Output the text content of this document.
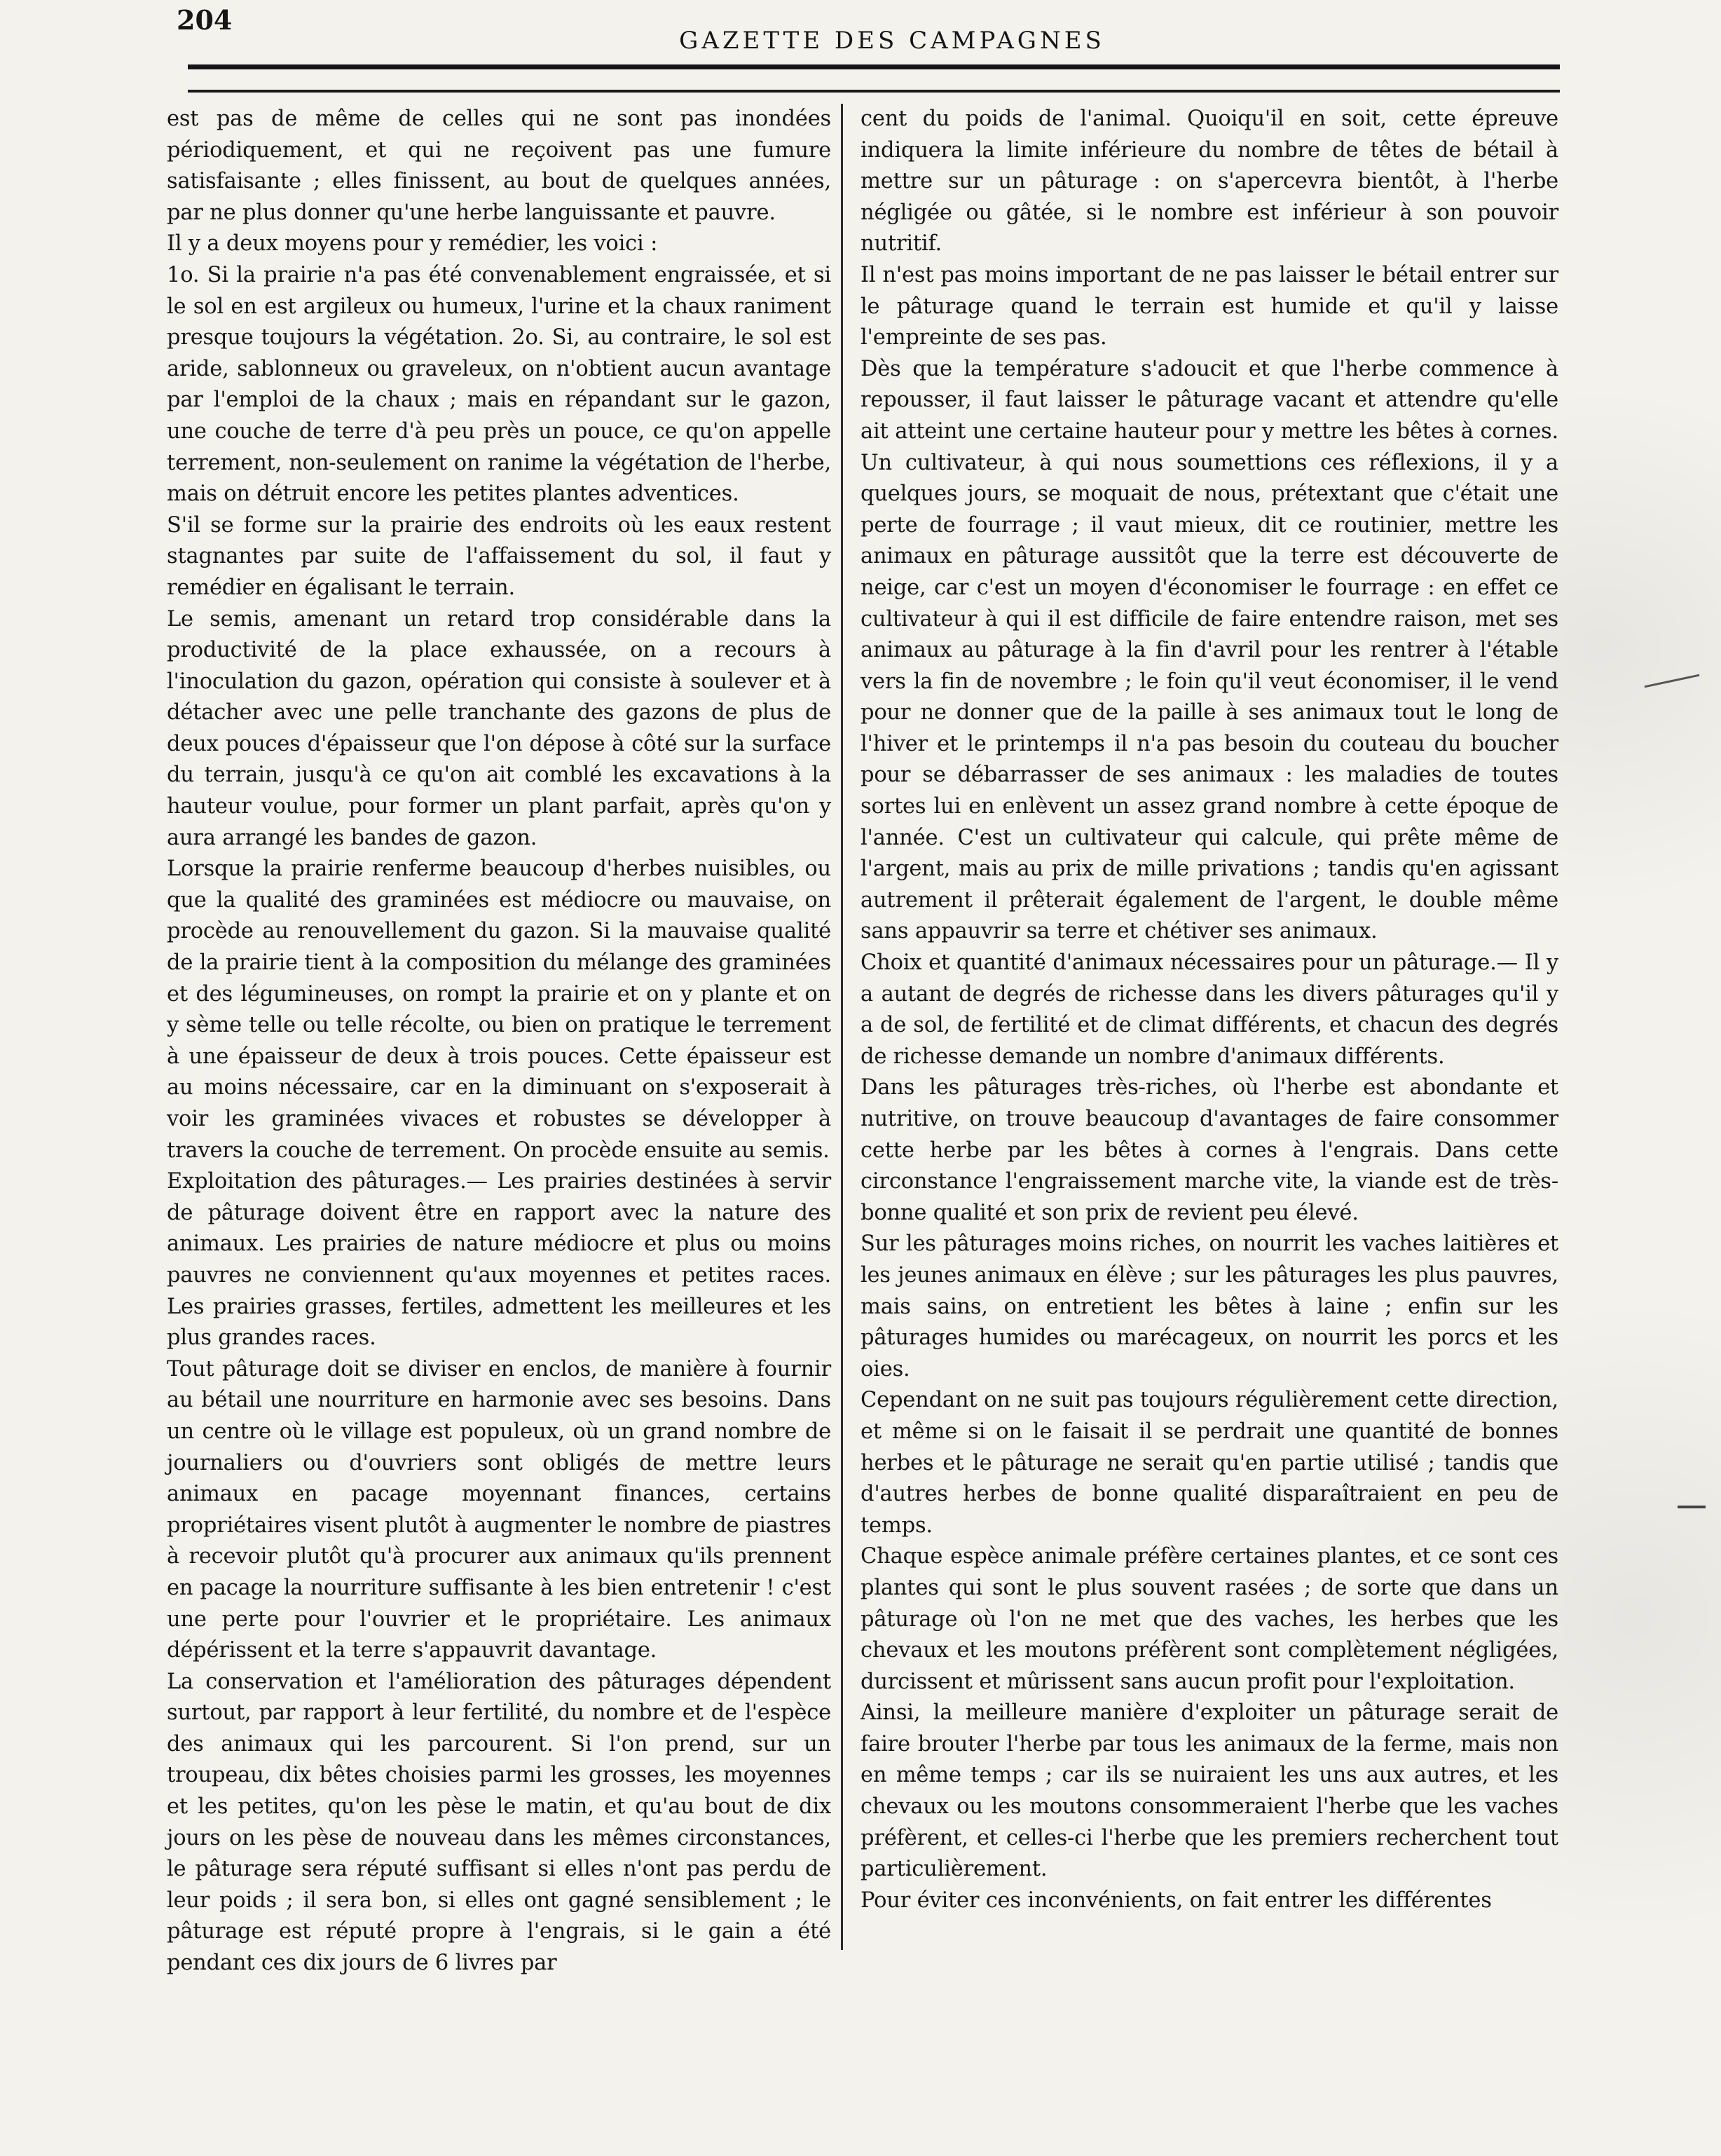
204
GAZETTE DES CAMPAGNES

est pas de même de celles qui ne sont pas inondées périodiquement, et qui ne reçoivent pas une fumure satisfaisante ; elles finissent, au bout de quelques années, par ne plus donner qu'une herbe languissante et pauvre.

Il y a deux moyens pour y remédier, les voici :

1o. Si la prairie n'a pas été convenablement engraissée, et si le sol en est argileux ou humeux, l'urine et la chaux raniment presque toujours la végétation. 2o. Si, au contraire, le sol est aride, sablonneux ou graveleux, on n'obtient aucun avantage par l'emploi de la chaux ; mais en répandant sur le gazon, une couche de terre d'à peu près un pouce, ce qu'on appelle terrement, non-seulement on ranime la végétation de l'herbe, mais on détruit encore les petites plantes adventices.

S'il se forme sur la prairie des endroits où les eaux restent stagnantes par suite de l'affaissement du sol, il faut y remédier en égalisant le terrain.

Le semis, amenant un retard trop considérable dans la productivité de la place exhaussée, on a recours à l'inoculation du gazon, opération qui consiste à soulever et à détacher avec une pelle tranchante des gazons de plus de deux pouces d'épaisseur que l'on dépose à côté sur la surface du terrain, jusqu'à ce qu'on ait comblé les excavations à la hauteur voulue, pour former un plant parfait, après qu'on y aura arrangé les bandes de gazon.

Lorsque la prairie renferme beaucoup d'herbes nuisibles, ou que la qualité des graminées est médiocre ou mauvaise, on procède au renouvellement du gazon. Si la mauvaise qualité de la prairie tient à la composition du mélange des graminées et des légumineuses, on rompt la prairie et on y plante et on y sème telle ou telle récolte, ou bien on pratique le terrement à une épaisseur de deux à trois pouces. Cette épaisseur est au moins nécessaire, car en la diminuant on s'exposerait à voir les graminées vivaces et robustes se développer à travers la couche de terrement. On procède ensuite au semis.

Exploitation des pâturages.— Les prairies destinées à servir de pâturage doivent être en rapport avec la nature des animaux. Les prairies de nature médiocre et plus ou moins pauvres ne conviennent qu'aux moyennes et petites races. Les prairies grasses, fertiles, admettent les meilleures et les plus grandes races.

Tout pâturage doit se diviser en enclos, de manière à fournir au bétail une nourriture en harmonie avec ses besoins. Dans un centre où le village est populeux, où un grand nombre de journaliers ou d'ouvriers sont obligés de mettre leurs animaux en pacage moyennant finances, certains propriétaires visent plutôt à augmenter le nombre de piastres à recevoir plutôt qu'à procurer aux animaux qu'ils prennent en pacage la nourriture suffisante à les bien entretenir ! c'est une perte pour l'ouvrier et le propriétaire. Les animaux dépérissent et la terre s'appauvrit davantage.

La conservation et l'amélioration des pâturages dépendent surtout, par rapport à leur fertilité, du nombre et de l'espèce des animaux qui les parcourent. Si l'on prend, sur un troupeau, dix bêtes choisies parmi les grosses, les moyennes et les petites, qu'on les pèse le matin, et qu'au bout de dix jours on les pèse de nouveau dans les mêmes circonstances, le pâturage sera réputé suffisant si elles n'ont pas perdu de leur poids ; il sera bon, si elles ont gagné sensiblement ; le pâturage est réputé propre à l'engrais, si le gain a été pendant ces dix jours de 6 livres par

cent du poids de l'animal. Quoiqu'il en soit, cette épreuve indiquera la limite inférieure du nombre de têtes de bétail à mettre sur un pâturage : on s'apercevra bientôt, à l'herbe négligée ou gâtée, si le nombre est inférieur à son pouvoir nutritif.

Il n'est pas moins important de ne pas laisser le bétail entrer sur le pâturage quand le terrain est humide et qu'il y laisse l'empreinte de ses pas.

Dès que la température s'adoucit et que l'herbe commence à repousser, il faut laisser le pâturage vacant et attendre qu'elle ait atteint une certaine hauteur pour y mettre les bêtes à cornes. Un cultivateur, à qui nous soumettions ces réflexions, il y a quelques jours, se moquait de nous, prétextant que c'était une perte de fourrage ; il vaut mieux, dit ce routinier, mettre les animaux en pâturage aussitôt que la terre est découverte de neige, car c'est un moyen d'économiser le fourrage : en effet ce cultivateur à qui il est difficile de faire entendre raison, met ses animaux au pâturage à la fin d'avril pour les rentrer à l'étable vers la fin de novembre ; le foin qu'il veut économiser, il le vend pour ne donner que de la paille à ses animaux tout le long de l'hiver et le printemps il n'a pas besoin du couteau du boucher pour se débarrasser de ses animaux : les maladies de toutes sortes lui en enlèvent un assez grand nombre à cette époque de l'année. C'est un cultivateur qui calcule, qui prête même de l'argent, mais au prix de mille privations ; tandis qu'en agissant autrement il prêterait également de l'argent, le double même sans appauvrir sa terre et chétiver ses animaux.

Choix et quantité d'animaux nécessaires pour un pâturage.— Il y a autant de degrés de richesse dans les divers pâturages qu'il y a de sol, de fertilité et de climat différents, et chacun des degrés de richesse demande un nombre d'animaux différents.

Dans les pâturages très-riches, où l'herbe est abondante et nutritive, on trouve beaucoup d'avantages de faire consommer cette herbe par les bêtes à cornes à l'engrais. Dans cette circonstance l'engraissement marche vite, la viande est de très-bonne qualité et son prix de revient peu élevé.

Sur les pâturages moins riches, on nourrit les vaches laitières et les jeunes animaux en élève ; sur les pâturages les plus pauvres, mais sains, on entretient les bêtes à laine ; enfin sur les pâturages humides ou marécageux, on nourrit les porcs et les oies.

Cependant on ne suit pas toujours régulièrement cette direction, et même si on le faisait il se perdrait une quantité de bonnes herbes et le pâturage ne serait qu'en partie utilisé ; tandis que d'autres herbes de bonne qualité disparaîtraient en peu de temps.

Chaque espèce animale préfère certaines plantes, et ce sont ces plantes qui sont le plus souvent rasées ; de sorte que dans un pâturage où l'on ne met que des vaches, les herbes que les chevaux et les moutons préfèrent sont complètement négligées, durcissent et mûrissent sans aucun profit pour l'exploitation.

Ainsi, la meilleure manière d'exploiter un pâturage serait de faire brouter l'herbe par tous les animaux de la ferme, mais non en même temps ; car ils se nuiraient les uns aux autres, et les chevaux ou les moutons consommeraient l'herbe que les vaches préfèrent, et celles-ci l'herbe que les premiers recherchent tout particulièrement.

Pour éviter ces inconvénients, on fait entrer les différentes
